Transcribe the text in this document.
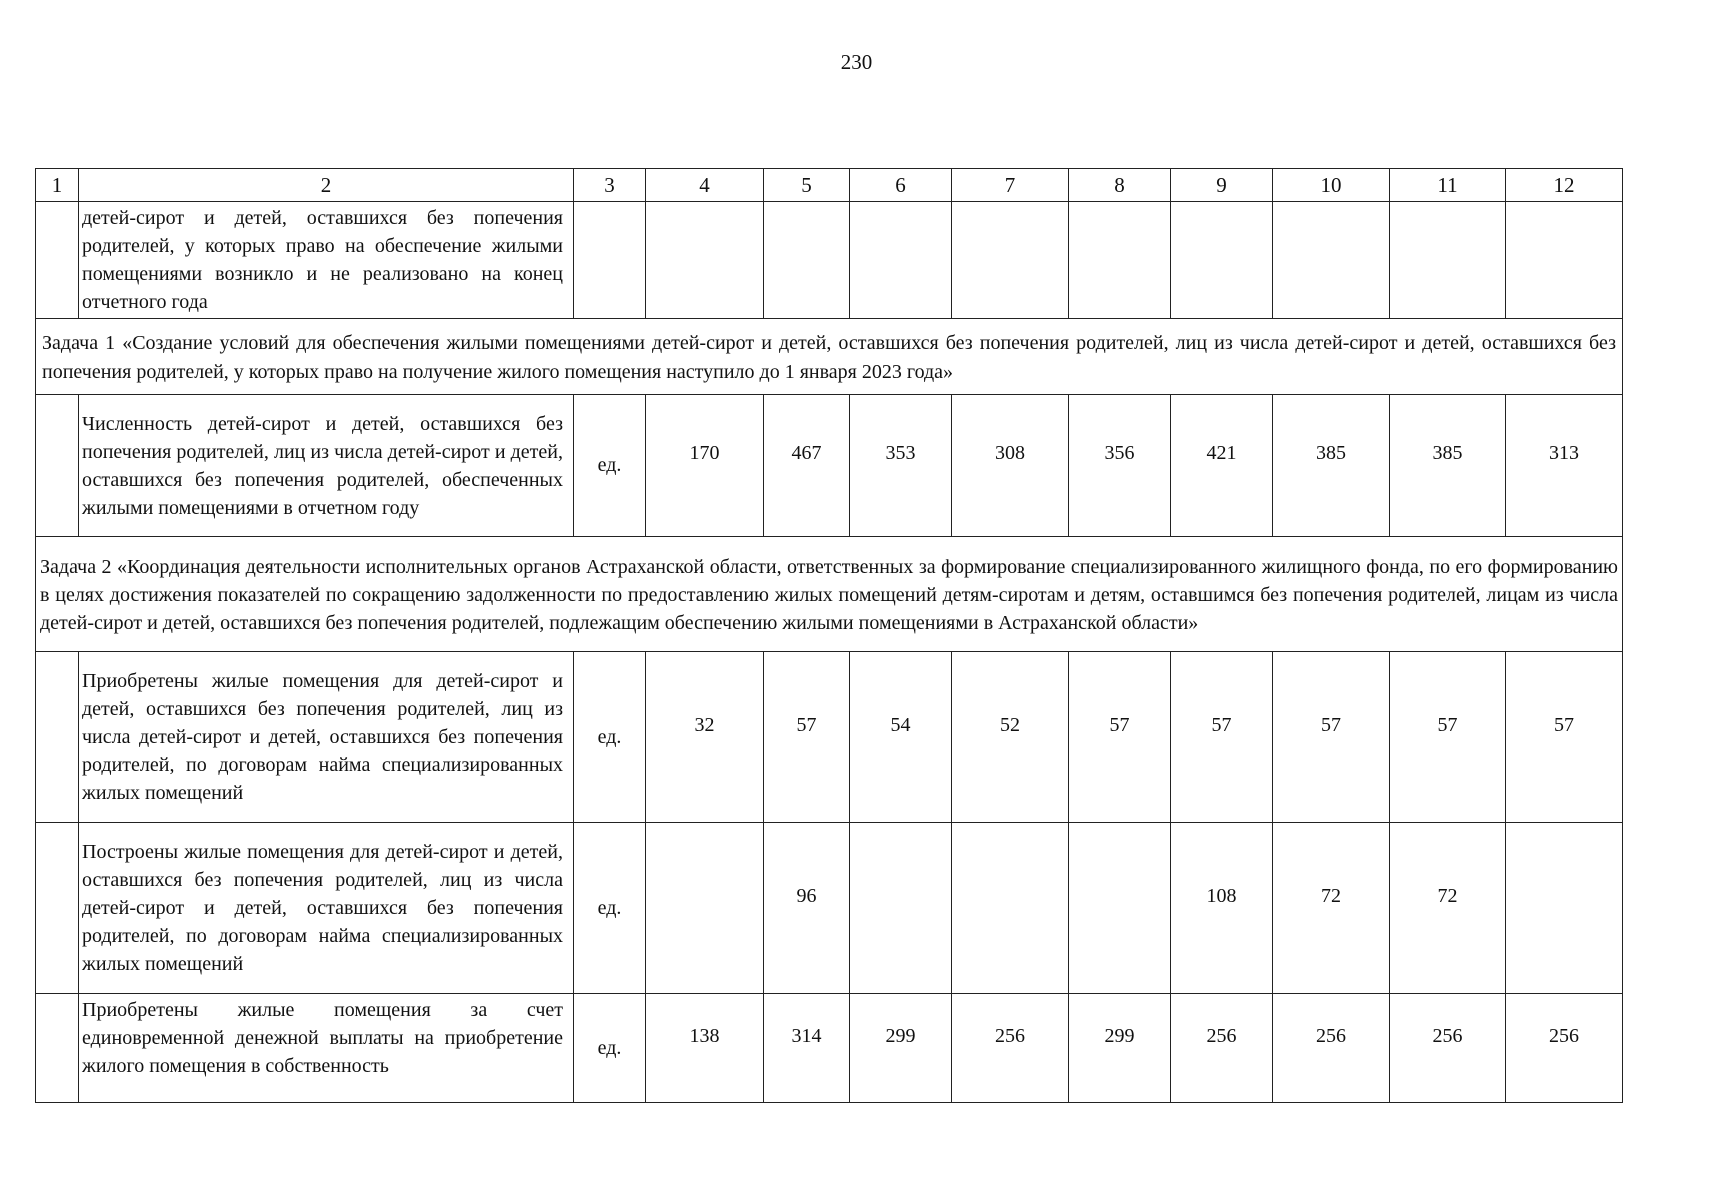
230
1	2	3	4	5	6	7	8	9	10	11	12
	детей-сирот и детей, оставшихся без попечения родителей, у которых право на обеспечение жилыми помещениями возникло и не реализовано на конец отчетного года										
Задача 1 «Создание условий для обеспечения жилыми помещениями детей-сирот и детей, оставшихся без попечения родителей, лиц из числа детей-сирот и детей, оставшихся без попечения родителей, у которых право на получение жилого помещения наступило до 1 января 2023 года»											
	Численность детей-сирот и детей, оставшихся без попечения родителей, лиц из числа детей-сирот и детей, оставшихся без попечения родителей, обеспеченных жилыми помещениями в отчетном году	ед.	170	467	353	308	356	421	385	385	313
Задача 2 «Координация деятельности исполнительных органов Астраханской области, ответственных за формирование специализированного жилищного фонда, по его формированию в целях достижения показателей по сокращению задолженности по предоставлению жилых помещений детям-сиротам и детям, оставшимся без попечения родителей, лицам из числа детей-сирот и детей, оставшихся без попечения родителей, подлежащим обеспечению жилыми помещениями в Астраханской области»											
	Приобретены жилые помещения для детей-сирот и детей, оставшихся без попечения родителей, лиц из числа детей-сирот и детей, оставшихся без попечения родителей, по договорам найма специализированных жилых помещений	ед.	32	57	54	52	57	57	57	57	57
	Построены жилые помещения для детей-сирот и детей, оставшихся без попечения родителей, лиц из числа детей-сирот и детей, оставшихся без попечения родителей, по договорам найма специализированных жилых помещений	ед.		96				108	72	72	
	Приобретены жилые помещения за счет единовременной денежной выплаты на приобретение жилого помещения в собственность	ед.	138	314	299	256	299	256	256	256	256
